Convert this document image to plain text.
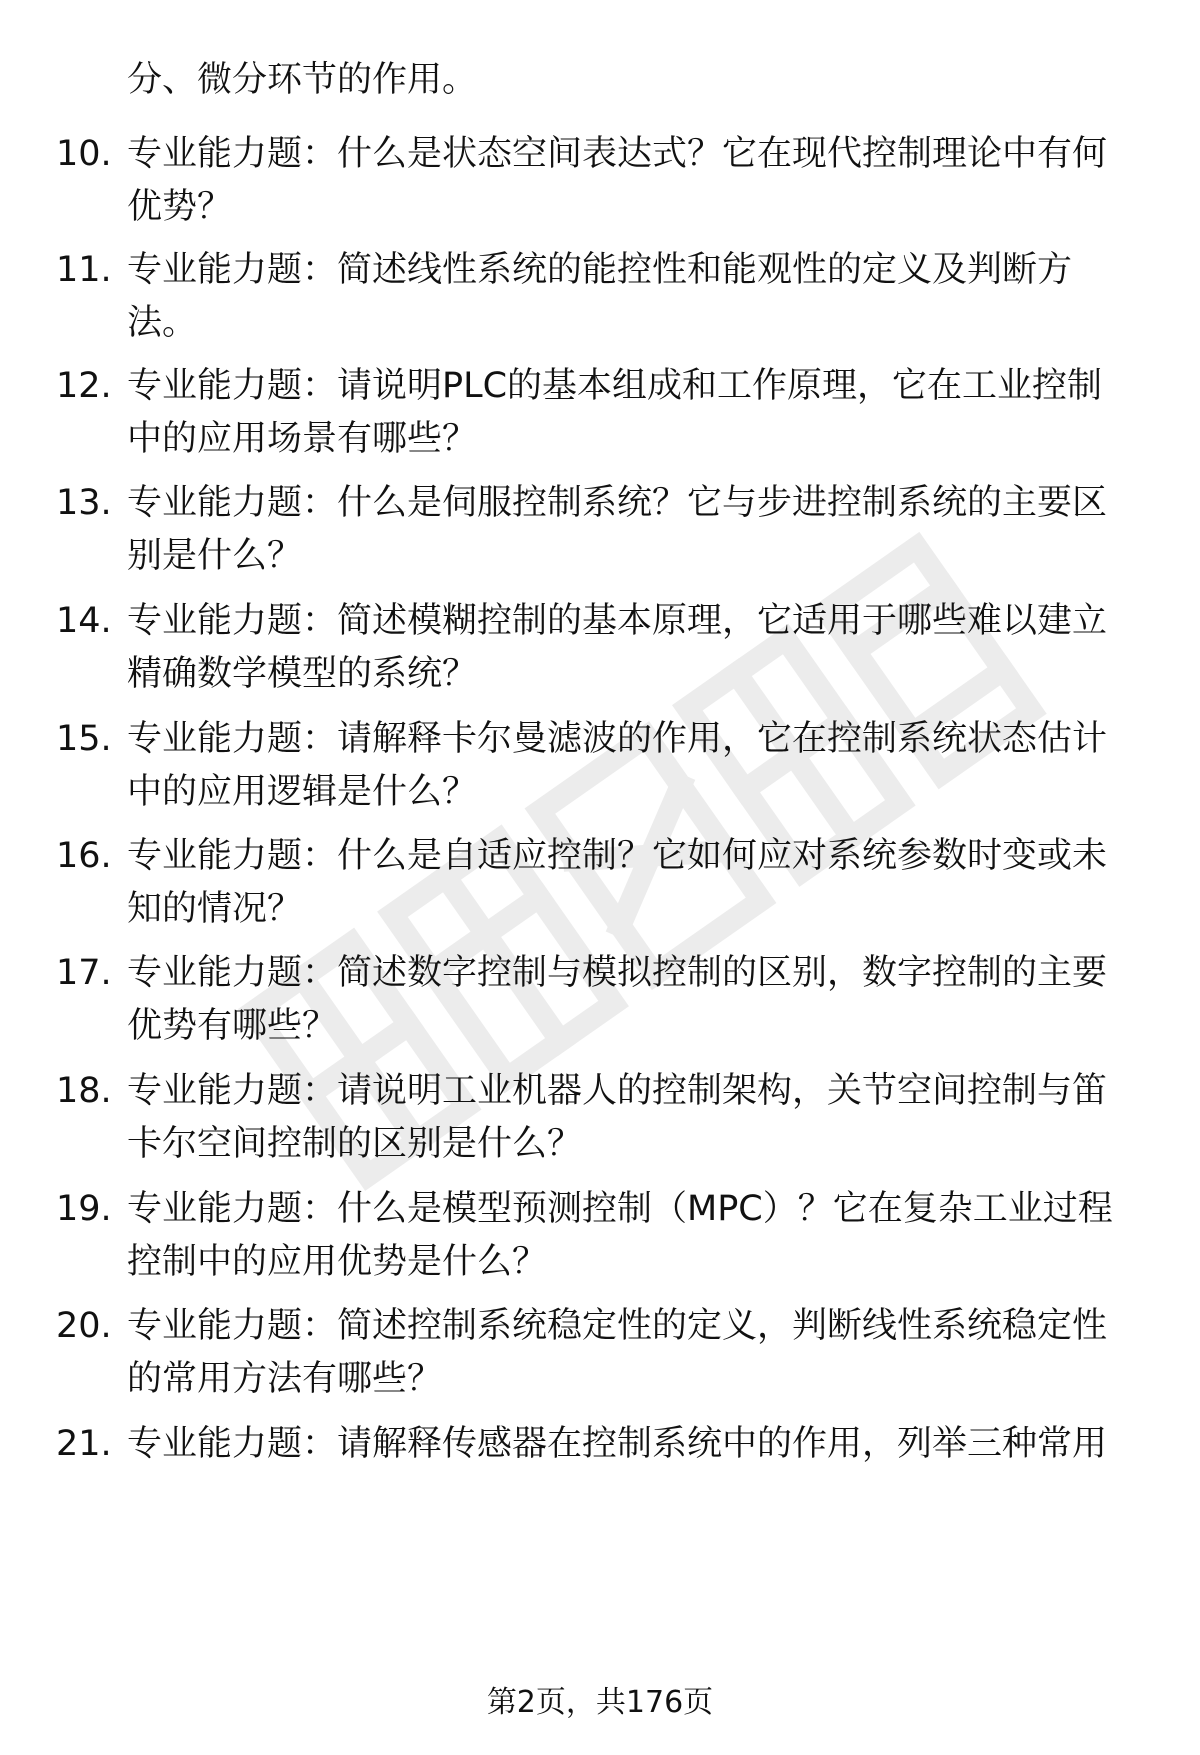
分、微分环节的作用。
10. 专业能力题：什么是状态空间表达式？它在现代控制理论中有何
优势？
11. 专业能力题：简述线性系统的能控性和能观性的定义及判断方
法。
12. 专业能力题：请说明PLC的基本组成和工作原理，它在工业控制
中的应用场景有哪些？
13. 专业能力题：什么是伺服控制系统？它与步进控制系统的主要区
别是什么？
14. 专业能力题：简述模糊控制的基本原理，它适用于哪些难以建立
精确数学模型的系统？
15. 专业能力题：请解释卡尔曼滤波的作用，它在控制系统状态估计
中的应用逻辑是什么？
16. 专业能力题：什么是自适应控制？它如何应对系统参数时变或未
知的情况？
17. 专业能力题：简述数字控制与模拟控制的区别，数字控制的主要
优势有哪些？
18. 专业能力题：请说明工业机器人的控制架构，关节空间控制与笛
卡尔空间控制的区别是什么？
19. 专业能力题：什么是模型预测控制（MPC）？它在复杂工业过程
控制中的应用优势是什么？
20. 专业能力题：简述控制系统稳定性的定义，判断线性系统稳定性
的常用方法有哪些？
21. 专业能力题：请解释传感器在控制系统中的作用，列举三种常用
第2页，共176页
